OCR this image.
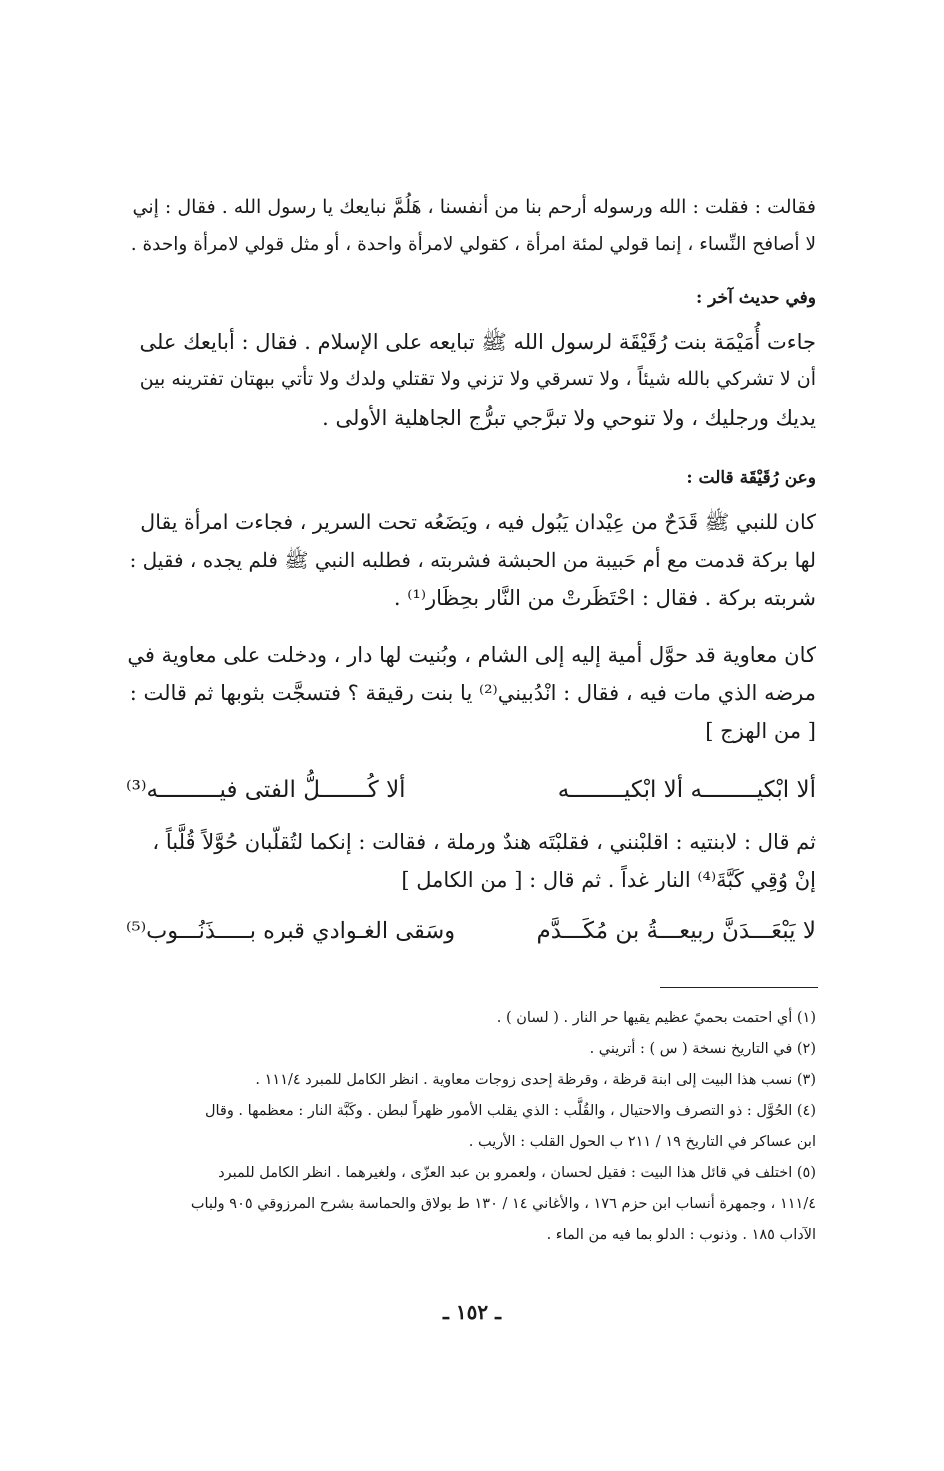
فقالت : فقلت : الله ورسوله أرحم بنا من أنفسنا ، هَلُمَّ نبايعك يا رسول الله . فقال : إني
لا أصافح النِّساء ، إنما قولي لمئة امرأة ، كقولي لامرأة واحدة ، أو مثل قولي لامرأة واحدة .
وفي حديث آخر :
جاءت أُمَيْمَة بنت رُقَيْقَة لرسول الله ﷺ تبايعه على الإسلام . فقال : أبايعك على
أن لا تشركي بالله شيئاً ، ولا تسرقي ولا تزني ولا تقتلي ولدك ولا تأتي ببهتان تفترينه بين
يديك ورجليك ، ولا تنوحي ولا تبرَّجي تبرُّج الجاهلية الأولى .
وعن رُقَيْقَة قالت :
كان للنبي ﷺ قَدَحٌ من عِيْدان يَبُول فيه ، ويَضَعُه تحت السرير ، فجاءت امرأة يقال
لها بركة قدمت مع أم حَبيبة من الحبشة فشربته ، فطلبه النبي ﷺ فلم يجده ، فقيل :
شربته بركة . فقال : احْتَظَرتْ من النَّار بحِظَار⁽¹⁾ .
كان معاوية قد حوَّل أمية إليه إلى الشام ، وبُنيت لها دار ، ودخلت على معاوية في
مرضه الذي مات فيه ، فقال : انْدُبيني⁽²⁾ يا بنت رقيقة ؟ فتسجَّت بثوبها ثم قالت :
[ من الهزج ]
ألا ابْكيــــــــه ألا ابْكيــــــــه
ألا كُـــــــلُّ الفتى فيـــــــــه⁽³⁾
ثم قال : لابنتيه : اقلبْنني ، فقلبْتَه هندٌ ورملة ، فقالت : إنكما لتُقلّبان حُوَّلاً قُلَّباً ،
إنْ وُقِي كَبَّةَ⁽⁴⁾ النار غداً . ثم قال : [ من الكامل ]
لا يَبْعَـــدَنَّ ربيعـــةُ بن مُكَـــدَّم
وسَقى الغـوادي قبره بـــــذَنُـــوب⁽⁵⁾
(١) أي احتمت بحميً عظيم يقيها حر النار . ( لسان ) .
(٢) في التاريخ نسخة ( س ) : أتريني .
(٣) نسب هذا البيت إلى ابنة قرظة ، وقرظة إحدى زوجات معاوية . انظر الكامل للمبرد ١١١/٤ .
(٤) الحُوَّل : ذو التصرف والاحتيال ، والقُلَّب : الذي يقلب الأمور ظهراً لبطن . وكَبَّة النار : معظمها . وقال
ابن عساكر في التاريخ ١٩ / ٢١١ ب الحول القلب : الأريب .
(٥) اختلف في قائل هذا البيت : فقيل لحسان ، ولعمرو بن عبد العزّى ، ولغيرهما . انظر الكامل للمبرد
١١١/٤ ، وجمهرة أنساب ابن حزم ١٧٦ ، والأغاني ١٤ / ١٣٠ ط بولاق والحماسة بشرح المرزوقي ٩٠٥ ولباب
الآداب ١٨٥ . وذنوب : الدلو بما فيه من الماء .
ـ ١٥٢ ـ
